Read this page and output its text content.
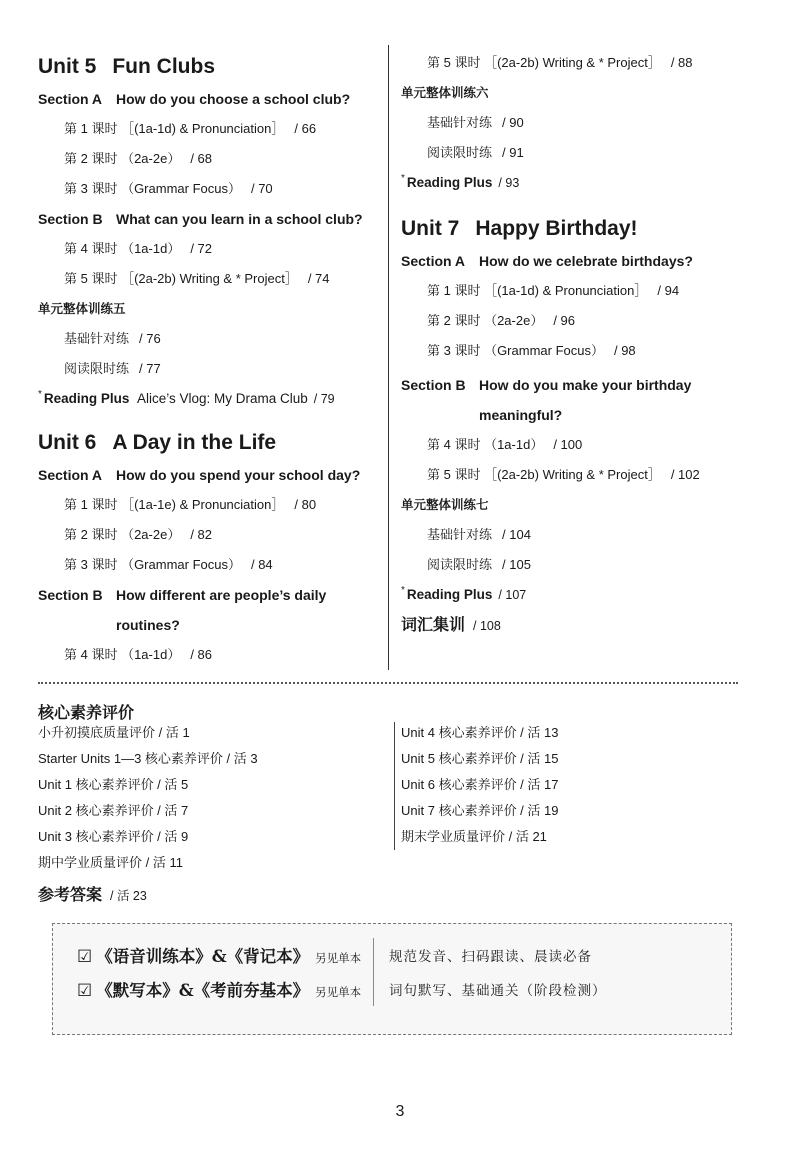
Unit 5 Fun Clubs
Section A How do you choose a school club?
第 1 课时 ［(1a-1d) & Pronunciation］ / 66
第 2 课时 （2a-2e） / 68
第 3 课时 （Grammar Focus） / 70
Section B What can you learn in a school club?
第 4 课时 （1a-1d） / 72
第 5 课时 ［(2a-2b) Writing & * Project］ / 74
单元整体训练五
基础针对练 / 76
阅读限时练 / 77
* Reading Plus Alice’s Vlog: My Drama Club / 79
Unit 6 A Day in the Life
Section A How do you spend your school day?
第 1 课时 ［(1a-1e) & Pronunciation］ / 80
第 2 课时 （2a-2e） / 82
第 3 课时 （Grammar Focus） / 84
Section B How different are people’s daily
routines?
第 4 课时 （1a-1d） / 86
第 5 课时 ［(2a-2b) Writing & * Project］ / 88
单元整体训练六
基础针对练 / 90
阅读限时练 / 91
* Reading Plus / 93
Unit 7 Happy Birthday!
Section A How do we celebrate birthdays?
第 1 课时 ［(1a-1d) & Pronunciation］ / 94
第 2 课时 （2a-2e） / 96
第 3 课时 （Grammar Focus） / 98
Section B How do you make your birthday
meaningful?
第 4 课时 （1a-1d） / 100
第 5 课时 ［(2a-2b) Writing & * Project］ / 102
单元整体训练七
基础针对练 / 104
阅读限时练 / 105
* Reading Plus / 107
词汇集训 / 108
核心素养评价
小升初摸底质量评价 / 活 1
Starter Units 1—3 核心素养评价 / 活 3
Unit 1 核心素养评价 / 活 5
Unit 2 核心素养评价 / 活 7
Unit 3 核心素养评价 / 活 9
期中学业质量评价 / 活 11
Unit 4 核心素养评价 / 活 13
Unit 5 核心素养评价 / 活 15
Unit 6 核心素养评价 / 活 17
Unit 7 核心素养评价 / 活 19
期末学业质量评价 / 活 21
参考答案 / 活 23
☑ 《语音训练本》&《背记本》 另见单本 规范发音、扫码跟读、晨读必备
☑ 《默写本》&《考前夯基本》 另见单本 词句默写、基础通关（阶段检测）
3
